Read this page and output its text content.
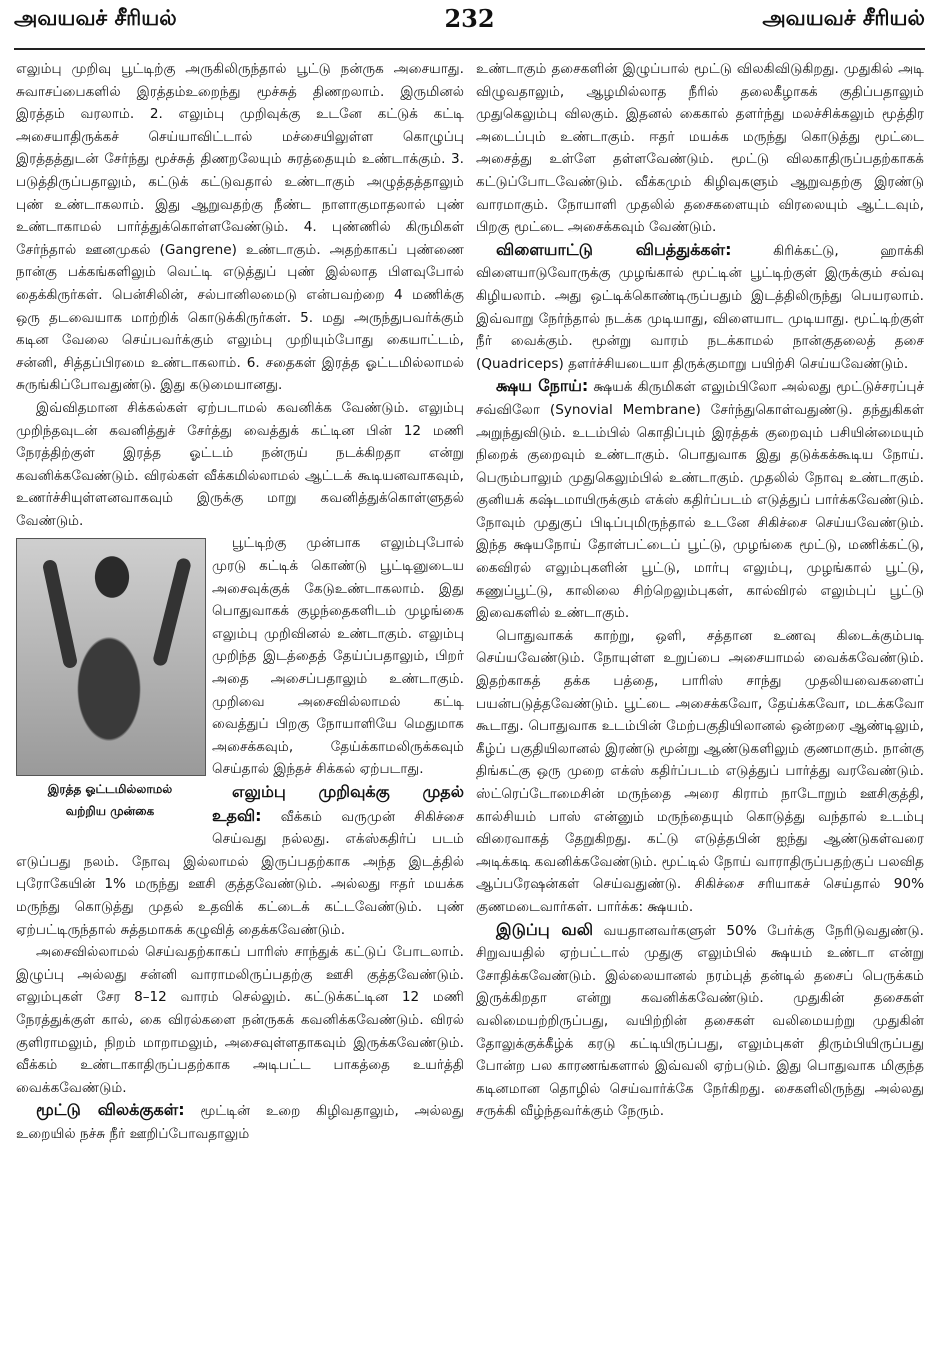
அவயவச் சீரியல்	232	அவயவச் சீரியல்

எலும்பு முறிவு பூட்டிற்கு அருகிலிருந்தால் பூட்டு நன்ருக அசையாது. சுவாசப்பைகளில் இரத்தம்உறைந்து மூச்சுத் திணறலாம். இருமினல் இரத்தம் வரலாம். 2. எலும்பு முறிவுக்கு உடனே கட்டுக் கட்டி அசையாதிருக்கச் செய்யாவிட்டால் மச்சையிலுள்ள கொழுப்பு இரத்தத்துடன் சேர்ந்து மூச்சுத் திணறலேயும் சுரத்தையும் உண்டாக்கும். 3. படுத்திருப்பதாலும், கட்டுக் கட்டுவதால் உண்டாகும் அழுத்தத்தாலும் புண் உண்டாகலாம். இது ஆறுவதற்கு நீண்ட நாளாகுமாதலால் புண் உண்டாகாமல் பார்த்துக்கொள்ளவேண்டும். 4. புண்ணில் கிருமிகள் சேர்ந்தால் ஊனமுகல் (Gangrene) உண்டாகும். அதற்காகப் புண்ணை நான்கு பக்கங்களிலும் வெட்டி எடுத்துப் புண் இல்லாத பிளவுபோல் தைக்கிருர்கள். பென்சிலின், சல்பானிலமைடு என்பவற்றை 4 மணிக்கு ஒரு தடவையாக மாற்றிக் கொடுக்கிருர்கள். 5. மது அருந்துபவர்க்கும் கடின வேலை செய்பவர்க்கும் எலும்பு முறியும்போது கையாட்டம், சன்னி, சித்தப்பிரமை உண்டாகலாம். 6. சதைகள் இரத்த ஓட்டமில்லாமல் சுருங்கிப்போவதுண்டு. இது கடுமையானது.

இவ்விதமான சிக்கல்கள் ஏற்படாமல் கவனிக்க வேண்டும். எலும்பு முறிந்தவுடன் கவனித்துச் சேர்த்து வைத்துக் கட்டின பின் 12 மணி நேரத்திற்குள் இரத்த ஓட்டம் நன்ருய் நடக்கிறதா என்று கவனிக்கவேண்டும். விரல்கள் வீக்கமில்லாமல் ஆட்டக் கூடியனவாகவும், உணர்ச்சியுள்ளனவாகவும் இருக்கு மாறு கவனித்துக்கொள்ளுதல் வேண்டும்.

இரத்த ஓட்டமில்லாமல்
வற்றிய முன்கை

பூட்டிற்கு முன்பாக எலும்புபோல் முரடு கட்டிக் கொண்டு பூட்டினுடைய அசைவுக்குக் கேடுஉண்டாகலாம். இது பொதுவாகக் குழந்தைகளிடம் முழங்கை எலும்பு முறிவினல் உண்டாகும். எலும்பு முறிந்த இடத்தைத் தேய்ப்பதாலும், பிறர் அதை அசைப்பதாலும் உண்டாகும். முறிவை அசைவில்லாமல் கட்டி வைத்துப் பிறகு நோயாளியே மெதுமாக அசைக்கவும், தேய்க்காமலிருக்கவும் செய்தால் இந்தச் சிக்கல் ஏற்படாது.

எலும்பு முறிவுக்கு முதல் உதவி: வீக்கம் வருமுன் சிகிச்சை செய்வது நல்லது. எக்ஸ்கதிர்ப் படம் எடுப்பது நலம். நோவு இல்லாமல் இருப்பதற்காக அந்த இடத்தில் புரோகேயின் 1% மருந்து ஊசி குத்தவேண்டும். அல்லது ஈதர் மயக்க மருந்து கொடுத்து முதல் உதவிக் கட்டைக் கட்டவேண்டும். புண் ஏற்பட்டிருந்தால் சுத்தமாகக் கழுவித் தைக்கவேண்டும்.

அசைவில்லாமல் செய்வதற்காகப் பாரிஸ் சாந்துக் கட்டுப் போடலாம். இழுப்பு அல்லது சன்னி வாராமலிருப்பதற்கு ஊசி குத்தவேண்டும். எலும்புகள் சேர 8–12 வாரம் செல்லும். கட்டுக்கட்டின 12 மணி நேரத்துக்குள் கால், கை விரல்களை நன்ருகக் கவனிக்கவேண்டும். விரல் குளிராமலும், நிறம் மாறாமலும், அசைவுள்ளதாகவும் இருக்கவேண்டும். வீக்கம் உண்டாகாதிருப்பதற்காக அடிபட்ட பாகத்தை உயர்த்தி வைக்கவேண்டும்.

மூட்டு விலக்குகள்: மூட்டின் உறை கிழிவதாலும், அல்லது உறையில் நச்சு நீர் ஊறிப்போவதாலும்

உண்டாகும் தசைகளின் இழுப்பால் மூட்டு விலகிவிடுகிறது. முதுகில் அடி விழுவதாலும், ஆழமில்லாத நீரில் தலைகீழாகக் குதிப்பதாலும் முதுகெலும்பு விலகும். இதனல் கைகால் தளர்ந்து மலச்சிக்கலும் மூத்திர அடைப்பும் உண்டாகும். ஈதர் மயக்க மருந்து கொடுத்து மூட்டை அசைத்து உள்ளே தள்ளவேண்டும். மூட்டு விலகாதிருப்பதற்காகக் கட்டுப்போடவேண்டும். வீக்கமும் கிழிவுகளும் ஆறுவதற்கு இரண்டு வாரமாகும். நோயாளி முதலில் தசைகளையும் விரலையும் ஆட்டவும், பிறகு மூட்டை அசைக்கவும் வேண்டும்.

விளையாட்டு விபத்துக்கள்: கிரிக்கட்டு, ஹாக்கி விளையாடுவோருக்கு முழங்கால் மூட்டின் பூட்டிற்குள் இருக்கும் சவ்வு கிழியலாம். அது ஒட்டிக்கொண்டிருப்பதும் இடத்திலிருந்து பெயரலாம். இவ்வாறு நேர்ந்தால் நடக்க முடியாது, விளையாட முடியாது. மூட்டிற்குள் நீர் வைக்கும். மூன்று வாரம் நடக்காமல் நான்குதலைத் தசை (Quadriceps) தளர்ச்சியடையா திருக்குமாறு பயிற்சி செய்யவேண்டும்.

க்ஷய நோய்: க்ஷயக் கிருமிகள் எலும்பிலோ அல்லது மூட்டுச்சரப்புச் சவ்விலோ (Synovial Membrane) சேர்ந்துகொள்வதுண்டு. தந்துகிகள் அறுந்துவிடும். உடம்பில் கொதிப்பும் இரத்தக் குறைவும் பசியின்மையும் நிறைக் குறைவும் உண்டாகும். பொதுவாக இது தடுக்கக்கூடிய நோய். பெரும்பாலும் முதுகெலும்பில் உண்டாகும். முதலில் நோவு உண்டாகும். குனியக் கஷ்டமாயிருக்கும் எக்ஸ் கதிர்ப்படம் எடுத்துப் பார்க்கவேண்டும். நோவும் முதுகுப் பிடிப்புமிருந்தால் உடனே சிகிச்சை செய்யவேண்டும். இந்த க்ஷயநோய் தோள்பட்டைப் பூட்டு, முழங்கை மூட்டு, மணிக்கட்டு, கைவிரல் எலும்புகளின் பூட்டு, மார்பு எலும்பு, முழங்கால் பூட்டு, கணுப்பூட்டு, காலிலை சிற்றெலும்புகள், கால்விரல் எலும்புப் பூட்டு இவைகளில் உண்டாகும்.

பொதுவாகக் காற்று, ஒளி, சத்தான உணவு கிடைக்கும்படி செய்யவேண்டும். நோயுள்ள உறுப்பை அசையாமல் வைக்கவேண்டும். இதற்காகத் தக்க பத்தை, பாரிஸ் சாந்து முதலியவைகளைப் பயன்படுத்தவேண்டும். பூட்டை அசைக்கவோ, தேய்க்கவோ, மடக்கவோ கூடாது. பொதுவாக உடம்பின் மேற்பகுதியிலானல் ஒன்றரை ஆண்டிலும், கீழ்ப் பகுதியிலானல் இரண்டு மூன்று ஆண்டுகளிலும் குணமாகும். நான்கு திங்கட்கு ஒரு முறை எக்ஸ் கதிர்ப்படம் எடுத்துப் பார்த்து வரவேண்டும். ஸ்ட்ரெப்டோமைசின் மருந்தை அரை கிராம் நாடோறும் ஊசிகுத்தி, கால்சியம் பாஸ் என்னும் மருந்தையும் கொடுத்து வந்தால் உடம்பு விரைவாகத் தேறுகிறது. கட்டு எடுத்தபின் ஐந்து ஆண்டுகள்வரை அடிக்கடி கவனிக்கவேண்டும். மூட்டில் நோய் வாராதிருப்பதற்குப் பலவித ஆப்பரேஷன்கள் செய்வதுண்டு. சிகிச்சை சரியாகச் செய்தால் 90% குணமடைவார்கள். பார்க்க: க்ஷயம்.

இடுப்பு வலி வயதானவர்களுள் 50% பேர்க்கு நேரிடுவதுண்டு. சிறுவயதில் ஏற்பட்டால் முதுகு எலும்பில் க்ஷயம் உண்டா என்று சோதிக்கவேண்டும். இல்லையானல் நரம்புத் தன்டில் தசைப் பெருக்கம் இருக்கிறதா என்று கவனிக்கவேண்டும். முதுகின் தசைகள் வலிமையற்றிருப்பது, வயிற்றின் தசைகள் வலிமையற்று முதுகின் தோலுக்குக்கீழ்க் கரடு கட்டியிருப்பது, எலும்புகள் திரும்பியிருப்பது போன்ற பல காரணங்களால் இவ்வலி ஏற்படும். இது பொதுவாக மிகுந்த கடினமான தொழில் செய்வார்க்கே நேர்கிறது. சைகளிலிருந்து அல்லது சருக்கி வீழ்ந்தவர்க்கும் நேரும்.
